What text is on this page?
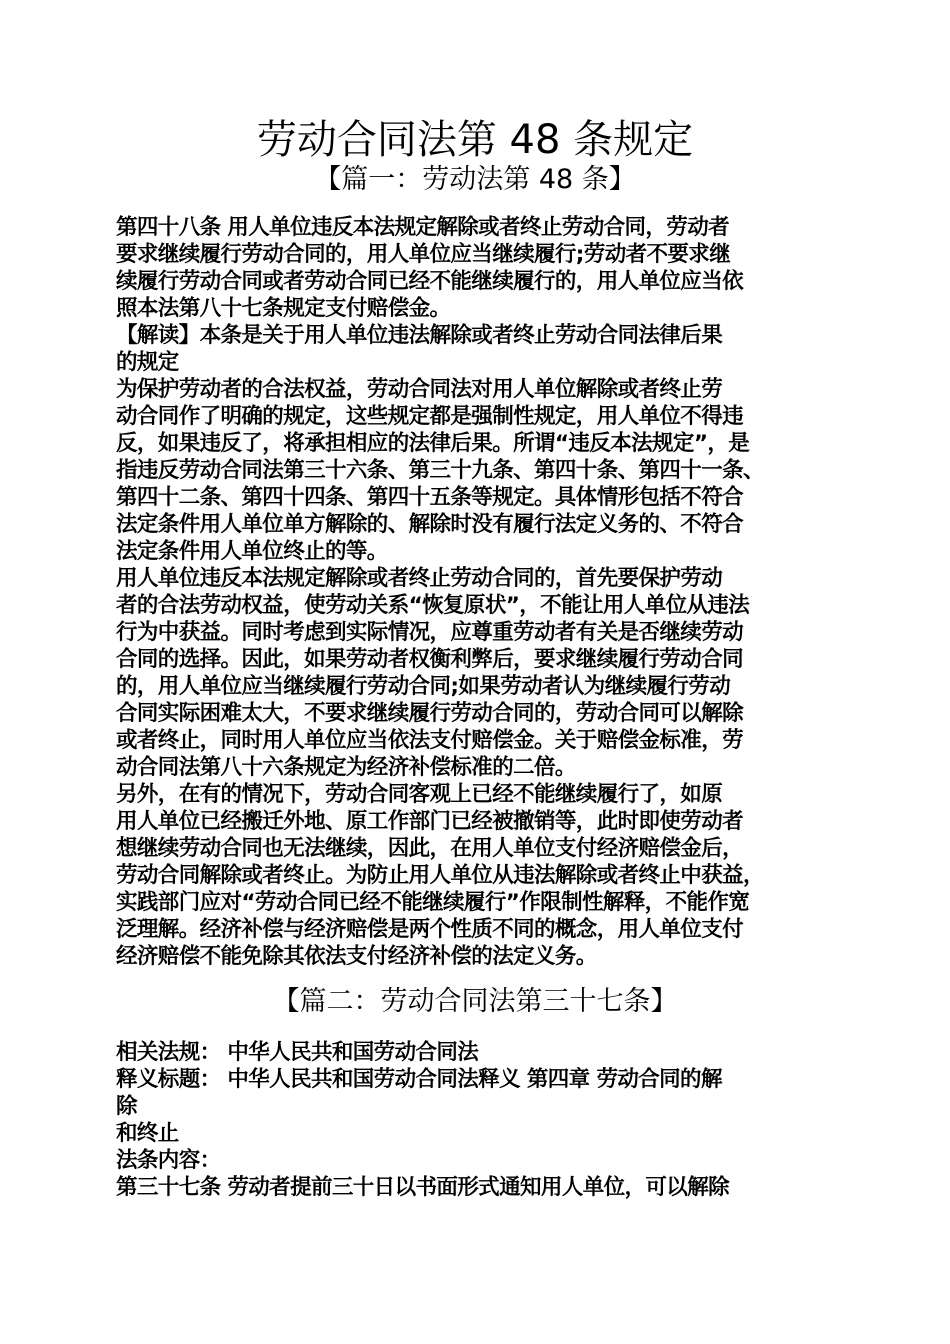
劳动合同法第 48 条规定
【篇一：劳动法第 48 条】
第四十八条 用人单位违反本法规定解除或者终止劳动合同，劳动者
要求继续履行劳动合同的，用人单位应当继续履行;劳动者不要求继
续履行劳动合同或者劳动合同已经不能继续履行的，用人单位应当依
照本法第八十七条规定支付赔偿金。
【解读】本条是关于用人单位违法解除或者终止劳动合同法律后果
的规定
为保护劳动者的合法权益，劳动合同法对用人单位解除或者终止劳
动合同作了明确的规定，这些规定都是强制性规定，用人单位不得违
反，如果违反了，将承担相应的法律后果。所谓“违反本法规定”，是
指违反劳动合同法第三十六条、第三十九条、第四十条、第四十一条、
第四十二条、第四十四条、第四十五条等规定。具体情形包括不符合
法定条件用人单位单方解除的、解除时没有履行法定义务的、不符合
法定条件用人单位终止的等。
用人单位违反本法规定解除或者终止劳动合同的，首先要保护劳动
者的合法劳动权益，使劳动关系“恢复原状”，不能让用人单位从违法
行为中获益。同时考虑到实际情况，应尊重劳动者有关是否继续劳动
合同的选择。因此，如果劳动者权衡利弊后，要求继续履行劳动合同
的，用人单位应当继续履行劳动合同;如果劳动者认为继续履行劳动
合同实际困难太大，不要求继续履行劳动合同的，劳动合同可以解除
或者终止，同时用人单位应当依法支付赔偿金。关于赔偿金标准，劳
动合同法第八十六条规定为经济补偿标准的二倍。
另外，在有的情况下，劳动合同客观上已经不能继续履行了，如原
用人单位已经搬迁外地、原工作部门已经被撤销等，此时即使劳动者
想继续劳动合同也无法继续，因此，在用人单位支付经济赔偿金后，
劳动合同解除或者终止。为防止用人单位从违法解除或者终止中获益，
实践部门应对“劳动合同已经不能继续履行”作限制性解释，不能作宽
泛理解。经济补偿与经济赔偿是两个性质不同的概念，用人单位支付
经济赔偿不能免除其依法支付经济补偿的法定义务。
【篇二：劳动合同法第三十七条】
相关法规： 中华人民共和国劳动合同法
释义标题： 中华人民共和国劳动合同法释义 第四章 劳动合同的解
除
和终止
法条内容：
第三十七条 劳动者提前三十日以书面形式通知用人单位，可以解除
